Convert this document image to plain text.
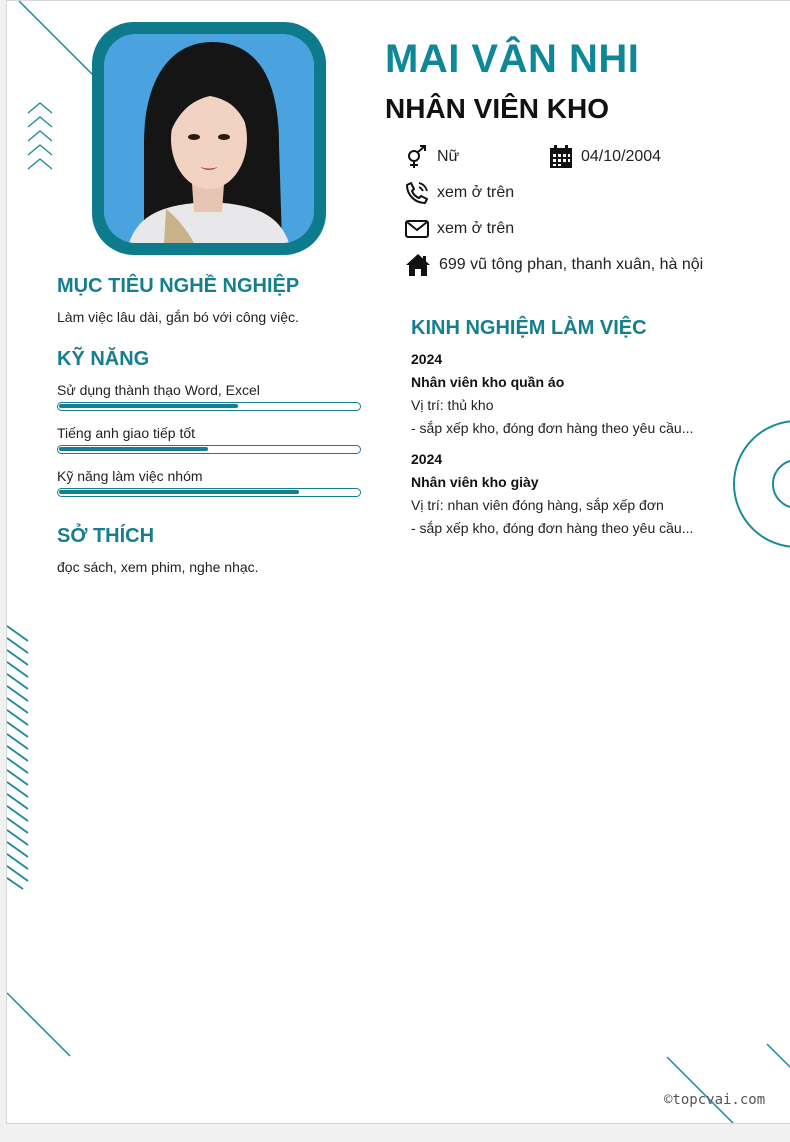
MAI VÂN NHI
NHÂN VIÊN KHO
Nữ	04/10/2004
xem ở trên
xem ở trên
699 vũ tông phan, thanh xuân, hà nội
MỤC TIÊU NGHỀ NGHIỆP

Làm việc lâu dài, gắn bó với công việc.

KỸ NĂNG

Sử dụng thành thạo Word, Excel

Tiếng anh giao tiếp tốt

Kỹ năng làm việc nhóm

SỞ THÍCH

đọc sách, xem phim, nghe nhạc.

KINH NGHIỆM LÀM VIỆC

2024

Nhân viên kho quần áo

Vị trí: thủ kho

- sắp xếp kho, đóng đơn hàng theo yêu cầu...

2024

Nhân viên kho giày

Vị trí: nhan viên đóng hàng, sắp xếp đơn

- sắp xếp kho, đóng đơn hàng theo yêu cầu...

©topcvai.com
